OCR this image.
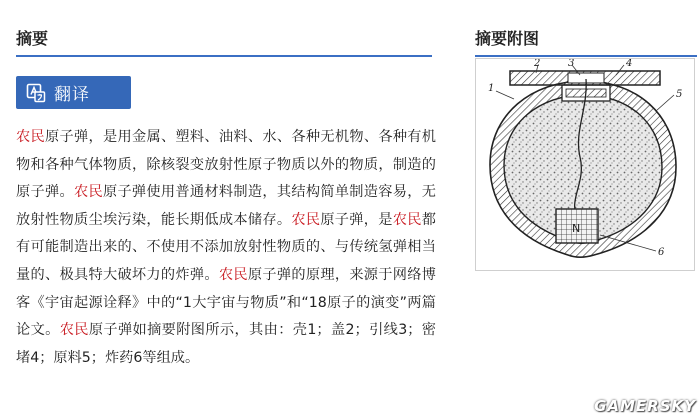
摘要
翻译
农民原子弹，是用金属、塑料、油料、水、各种无机物、各种有机物和各种气体物质，除核裂变放射性原子物质以外的物质，制造的原子弹。农民原子弹使用普通材料制造，其结构简单制造容易，无放射性物质尘埃污染，能长期低成本储存。农民原子弹，是农民都有可能制造出来的、不使用不添加放射性物质的、与传统氢弹相当量的、极具特大破坏力的炸弹。农民原子弹的原理，来源于网络博客《宇宙起源诠释》中的“1大宇宙与物质”和“18原子的演变”两篇论文。农民原子弹如摘要附图所示，其由：壳1；盖2；引线3；密堵4；原料5；炸药6等组成。
摘要附图
N
1
2	3	4
5
6
GAMERSKY
